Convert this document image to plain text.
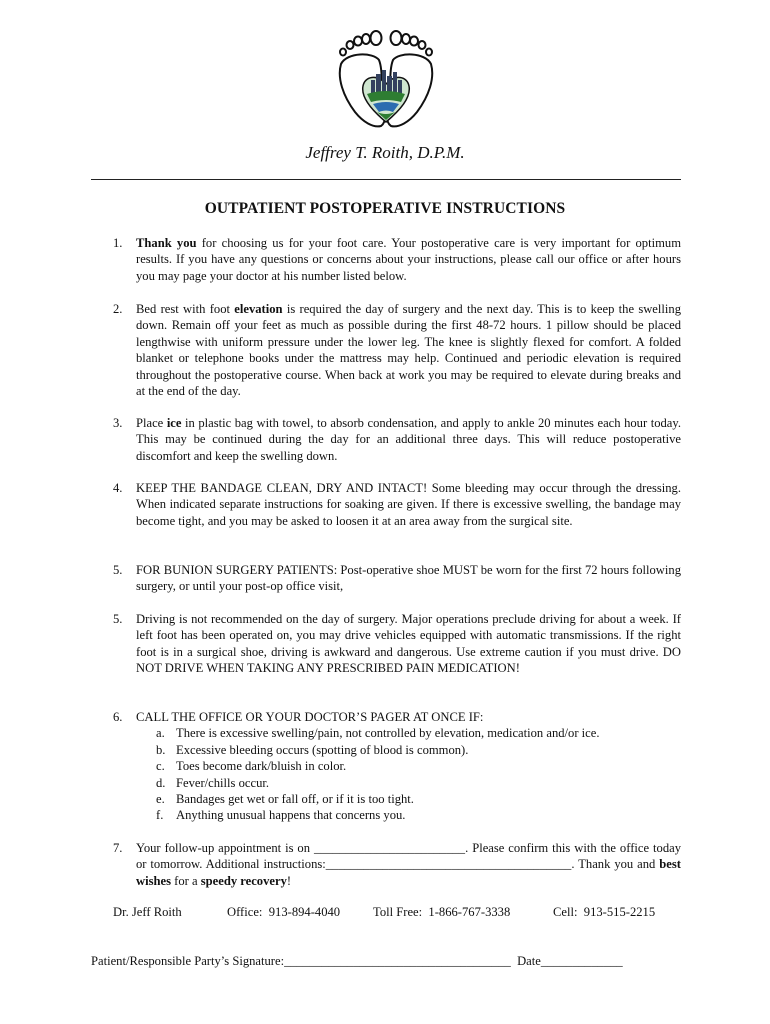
Jeffrey T. Roith, D.P.M.
OUTPATIENT POSTOPERATIVE INSTRUCTIONS
1.	Thank you for choosing us for your foot care. Your postoperative care is very important for optimum results. If you have any questions or concerns about your instructions, please call our office or after hours you may page your doctor at his number listed below.
2.	Bed rest with foot elevation is required the day of surgery and the next day. This is to keep the swelling down. Remain off your feet as much as possible during the first 48-72 hours. 1 pillow should be placed lengthwise with uniform pressure under the lower leg. The knee is slightly flexed for comfort. A folded blanket or telephone books under the mattress may help. Continued and periodic elevation is required throughout the postoperative course. When back at work you may be required to elevate during breaks and at the end of the day.
3.	Place ice in plastic bag with towel, to absorb condensation, and apply to ankle 20 minutes each hour today. This may be continued during the day for an additional three days. This will reduce postoperative discomfort and keep the swelling down.
4.	KEEP THE BANDAGE CLEAN, DRY AND INTACT! Some bleeding may occur through the dressing. When indicated separate instructions for soaking are given. If there is excessive swelling, the bandage may become tight, and you may be asked to loosen it at an area away from the surgical site.
5.	FOR BUNION SURGERY PATIENTS: Post-operative shoe MUST be worn for the first 72 hours following surgery, or until your post-op office visit,
5.	Driving is not recommended on the day of surgery. Major operations preclude driving for about a week. If left foot has been operated on, you may drive vehicles equipped with automatic transmissions. If the right foot is in a surgical shoe, driving is awkward and dangerous. Use extreme caution if you must drive. DO NOT DRIVE WHEN TAKING ANY PRESCRIBED PAIN MEDICATION!
6.	CALL THE OFFICE OR YOUR DOCTOR’S PAGER AT ONCE IF:
a. There is excessive swelling/pain, not controlled by elevation, medication and/or ice.
b. Excessive bleeding occurs (spotting of blood is common).
c. Toes become dark/bluish in color.
d. Fever/chills occur.
e. Bandages get wet or fall off, or if it is too tight.
f.	Anything unusual happens that concerns you.
7.	Your follow-up appointment is on ________________________. Please confirm this with the office today or tomorrow. Additional instructions:_______________________________________. Thank you and best wishes for a speedy recovery!

Dr. Jeff Roith

	Office:  913-894-4040

	Toll Free:  1-866-767-3338

	Cell:  913-515-2215

Patient/Responsible Party’s Signature:____________________________________ Date_____________
